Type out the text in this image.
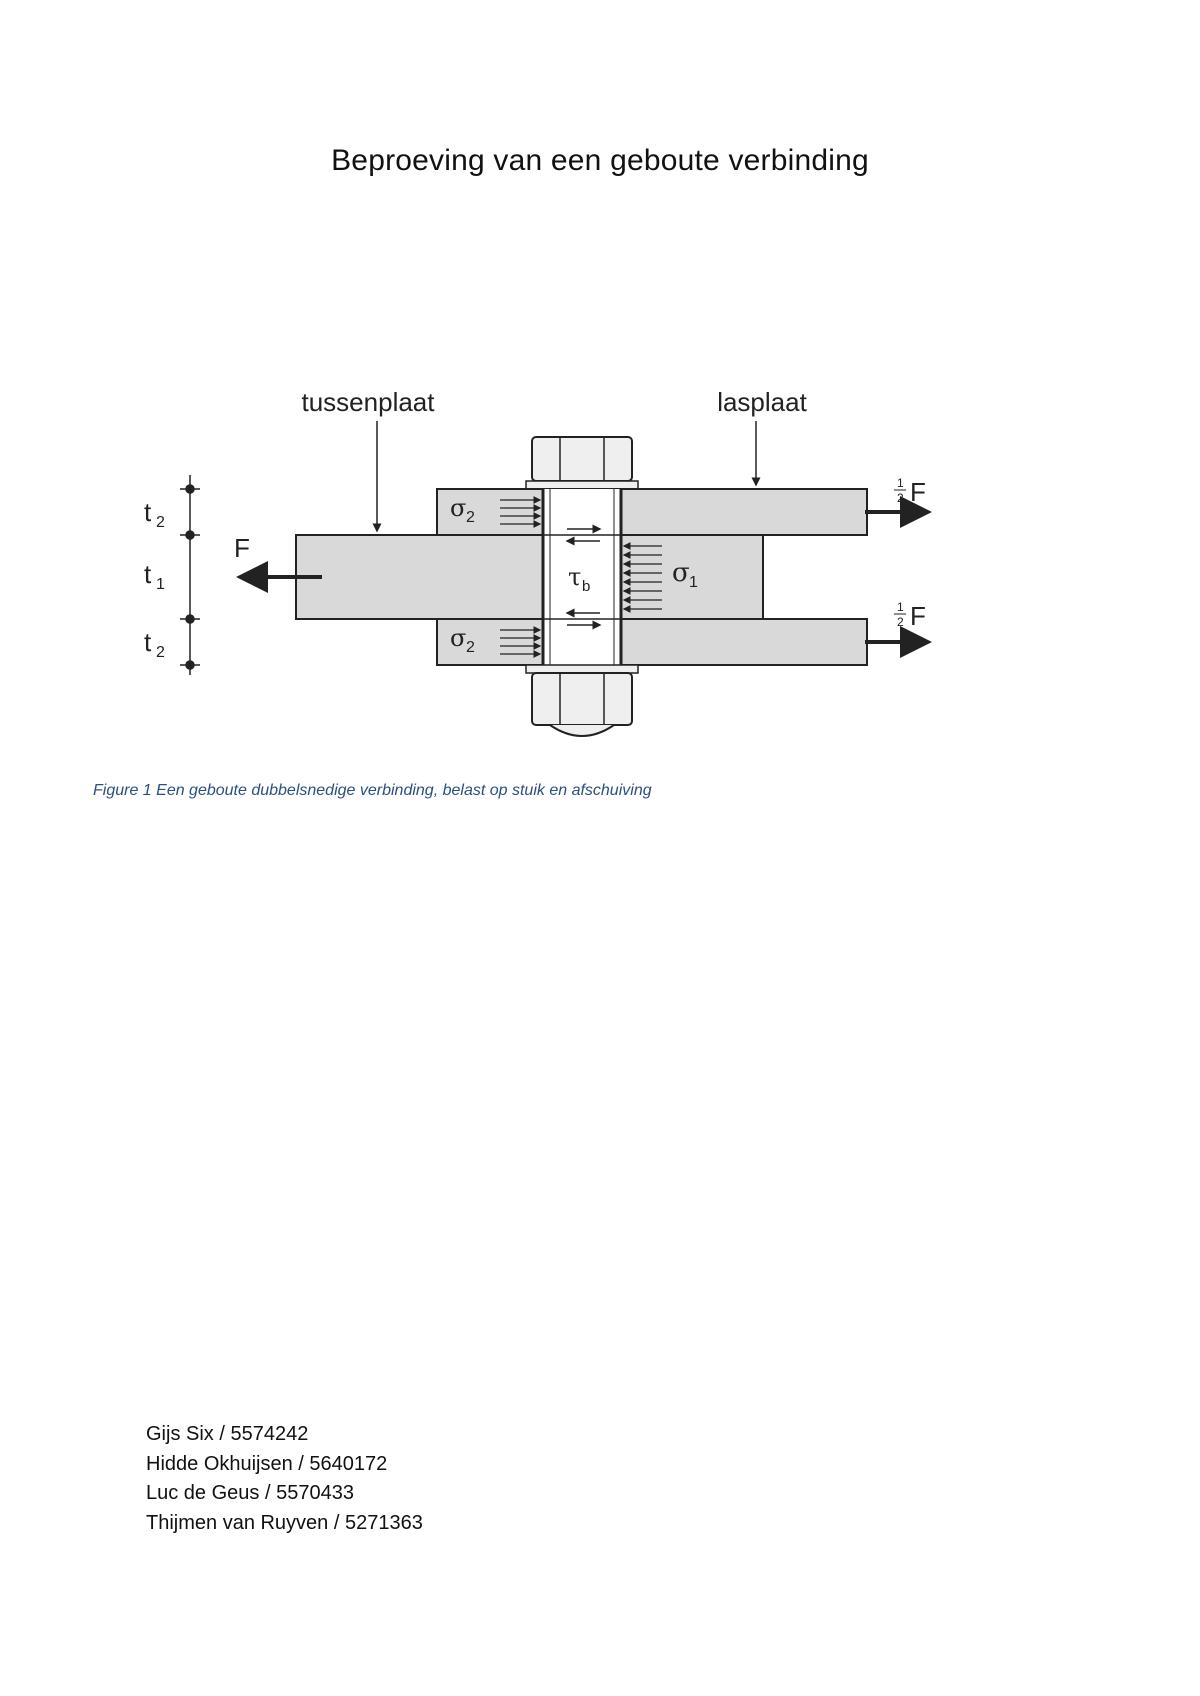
Beproeving van een geboute verbinding
tussenplaat	lasplaat
F
1
2 F
1
2 F
t 2
t 1
t 2
σ 2
σ 2
σ 1
τ b
Figure 1 Een geboute dubbelsnedige verbinding, belast op stuik en afschuiving
Gijs Six / 5574242
Hidde Okhuijsen / 5640172
Luc de Geus / 5570433
Thijmen van Ruyven / 5271363
